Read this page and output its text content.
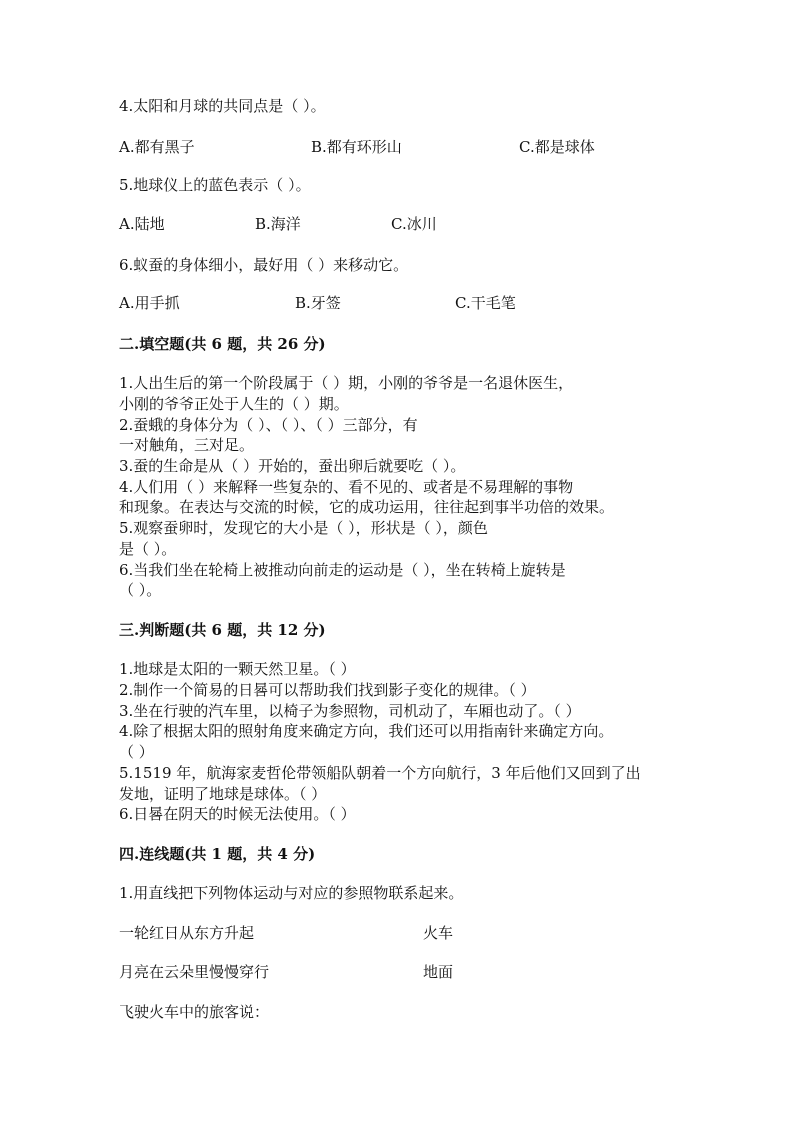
4.太阳和月球的共同点是（ ）。
A.都有黑子	B.都有环形山	C.都是球体
5.地球仪上的蓝色表示（ ）。
A.陆地	B.海洋	C.冰川
6.蚁蚕的身体细小，最好用（ ）来移动它。
A.用手抓	B.牙签	C.干毛笔
二.填空题(共 6 题，共 26 分)
1.人出生后的第一个阶段属于（ ）期，小刚的爷爷是一名退休医生，
小刚的爷爷正处于人生的（ ）期。
2.蚕蛾的身体分为（ ）、（ ）、（ ）三部分，有
一对触角，三对足。
3.蚕的生命是从（ ）开始的，蚕出卵后就要吃（ ）。
4.人们用（ ）来解释一些复杂的、看不见的、或者是不易理解的事物
和现象。在表达与交流的时候，它的成功运用，往往起到事半功倍的效果。
5.观察蚕卵时，发现它的大小是（ ），形状是（ ），颜色
是（ ）。
6.当我们坐在轮椅上被推动向前走的运动是（ ），坐在转椅上旋转是
（ ）。
三.判断题(共 6 题，共 12 分)
1.地球是太阳的一颗天然卫星。（ ）
2.制作一个简易的日晷可以帮助我们找到影子变化的规律。（ ）
3.坐在行驶的汽车里，以椅子为参照物，司机动了，车厢也动了。（ ）
4.除了根据太阳的照射角度来确定方向，我们还可以用指南针来确定方向。
（ ）
5.1519 年，航海家麦哲伦带领船队朝着一个方向航行，3 年后他们又回到了出
发地，证明了地球是球体。（ ）
6.日晷在阴天的时候无法使用。（ ）
四.连线题(共 1 题，共 4 分)
1.用直线把下列物体运动与对应的参照物联系起来。
一轮红日从东方升起	火车
月亮在云朵里慢慢穿行	地面
飞驶火车中的旅客说：
